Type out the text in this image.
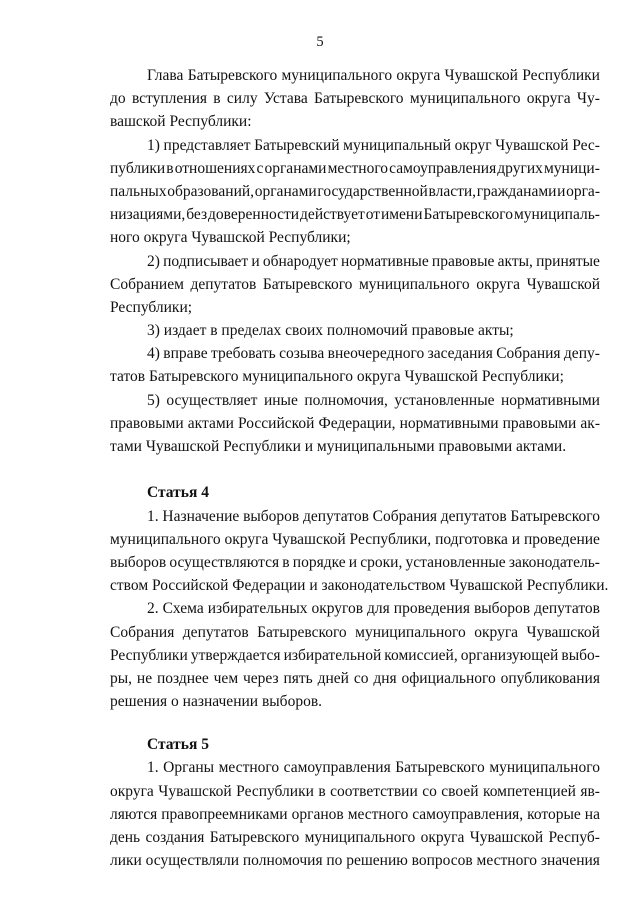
5
Глава Батыревского муниципального округа Чувашской Республики
до вступления в силу Устава Батыревского муниципального округа Чу-
вашской Республики:
1) представляет Батыревский муниципальный округ Чувашской Рес-
публики в отношениях с органами местного самоуправления других муници-
пальных образований, органами государственной власти, гражданами и орга-
низациями, без доверенности действует от имени Батыревского муниципаль-
ного округа Чувашской Республики;
2) подписывает и обнародует нормативные правовые акты, принятые
Собранием депутатов Батыревского муниципального округа Чувашской
Республики;
3) издает в пределах своих полномочий правовые акты;
4) вправе требовать созыва внеочередного заседания Собрания депу-
татов Батыревского муниципального округа Чувашской Республики;
5) осуществляет иные полномочия, установленные нормативными
правовыми актами Российской Федерации, нормативными правовыми ак-
тами Чувашской Республики и муниципальными правовыми актами.
Статья 4
1. Назначение выборов депутатов Собрания депутатов Батыревского
муниципального округа Чувашской Республики, подготовка и проведение
выборов осуществляются в порядке и сроки, установленные законодатель-
ством Российской Федерации и законодательством Чувашской Республики.
2. Схема избирательных округов для проведения выборов депутатов
Собрания депутатов Батыревского муниципального округа Чувашской
Республики утверждается избирательной комиссией, организующей выбо-
ры, не позднее чем через пять дней со дня официального опубликования
решения о назначении выборов.
Статья 5
1. Органы местного самоуправления Батыревского муниципального
округа Чувашской Республики в соответствии со своей компетенцией яв-
ляются правопреемниками органов местного самоуправления, которые на
день создания Батыревского муниципального округа Чувашской Респуб-
лики осуществляли полномочия по решению вопросов местного значения
